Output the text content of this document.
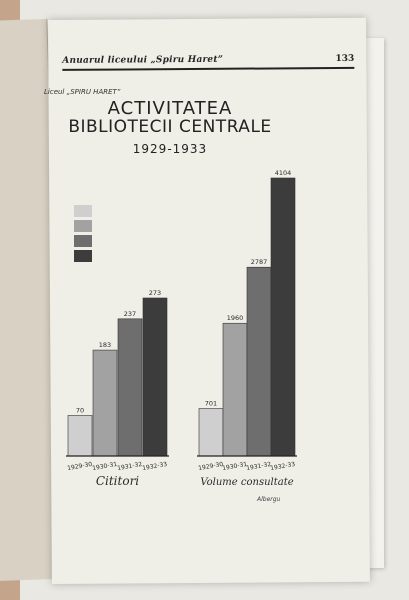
Anuarul liceului „Spiru Haret”	133
Liceul „SPIRU HARET”
ACTIVITATEA
BIBLIOTECII CENTRALE
1929-1933
70
1929-30
183
1930-31
237
1931-32
273
1932-33
Cititori
701
1929-30
1960
1930-31
2787
1931-32
4104
1932-33
Volume consultate
Albergu
